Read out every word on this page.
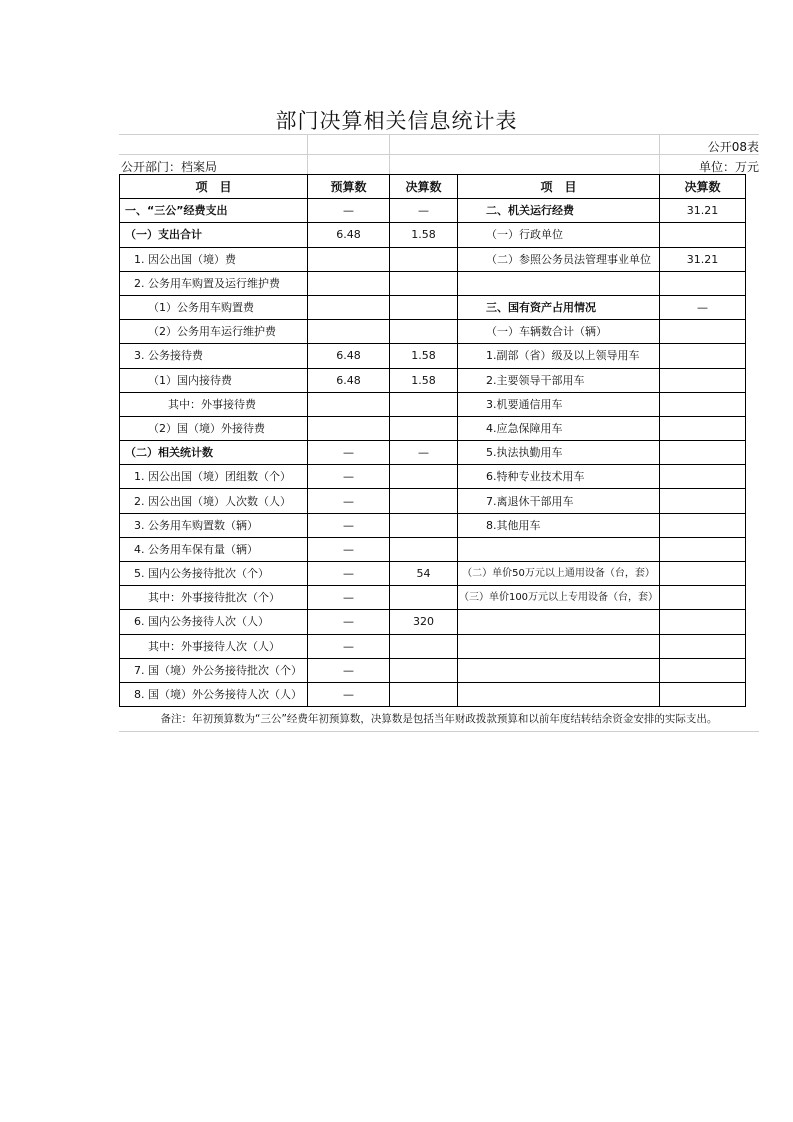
部门决算相关信息统计表
公开08表
公开部门：档案局	单位：万元
项　目	预算数	决算数	项　目	决算数
一、“三公”经费支出	—	—	二、机关运行经费	31.21
（一）支出合计	6.48	1.58	（一）行政单位	
1. 因公出国（境）费			（二）参照公务员法管理事业单位	31.21
2. 公务用车购置及运行维护费				
（1）公务用车购置费			三、国有资产占用情况	—
（2）公务用车运行维护费			（一）车辆数合计（辆）	
3. 公务接待费	6.48	1.58	1.副部（省）级及以上领导用车	
（1）国内接待费	6.48	1.58	2.主要领导干部用车	
其中：外事接待费			3.机要通信用车	
（2）国（境）外接待费			4.应急保障用车	
（二）相关统计数	—	—	5.执法执勤用车	
1. 因公出国（境）团组数（个）	—		6.特种专业技术用车	
2. 因公出国（境）人次数（人）	—		7.离退休干部用车	
3. 公务用车购置数（辆）	—		8.其他用车	
4. 公务用车保有量（辆）	—			
5. 国内公务接待批次（个）	—	54	（二）单价50万元以上通用设备（台，套）	
其中：外事接待批次（个）	—		（三）单价100万元以上专用设备（台，套）	
6. 国内公务接待人次（人）	—	320		
其中：外事接待人次（人）	—			
7. 国（境）外公务接待批次（个）	—			
8. 国（境）外公务接待人次（人）	—			
备注：年初预算数为“三公”经费年初预算数，决算数是包括当年财政拨款预算和以前年度结转结余资金安排的实际支出。
